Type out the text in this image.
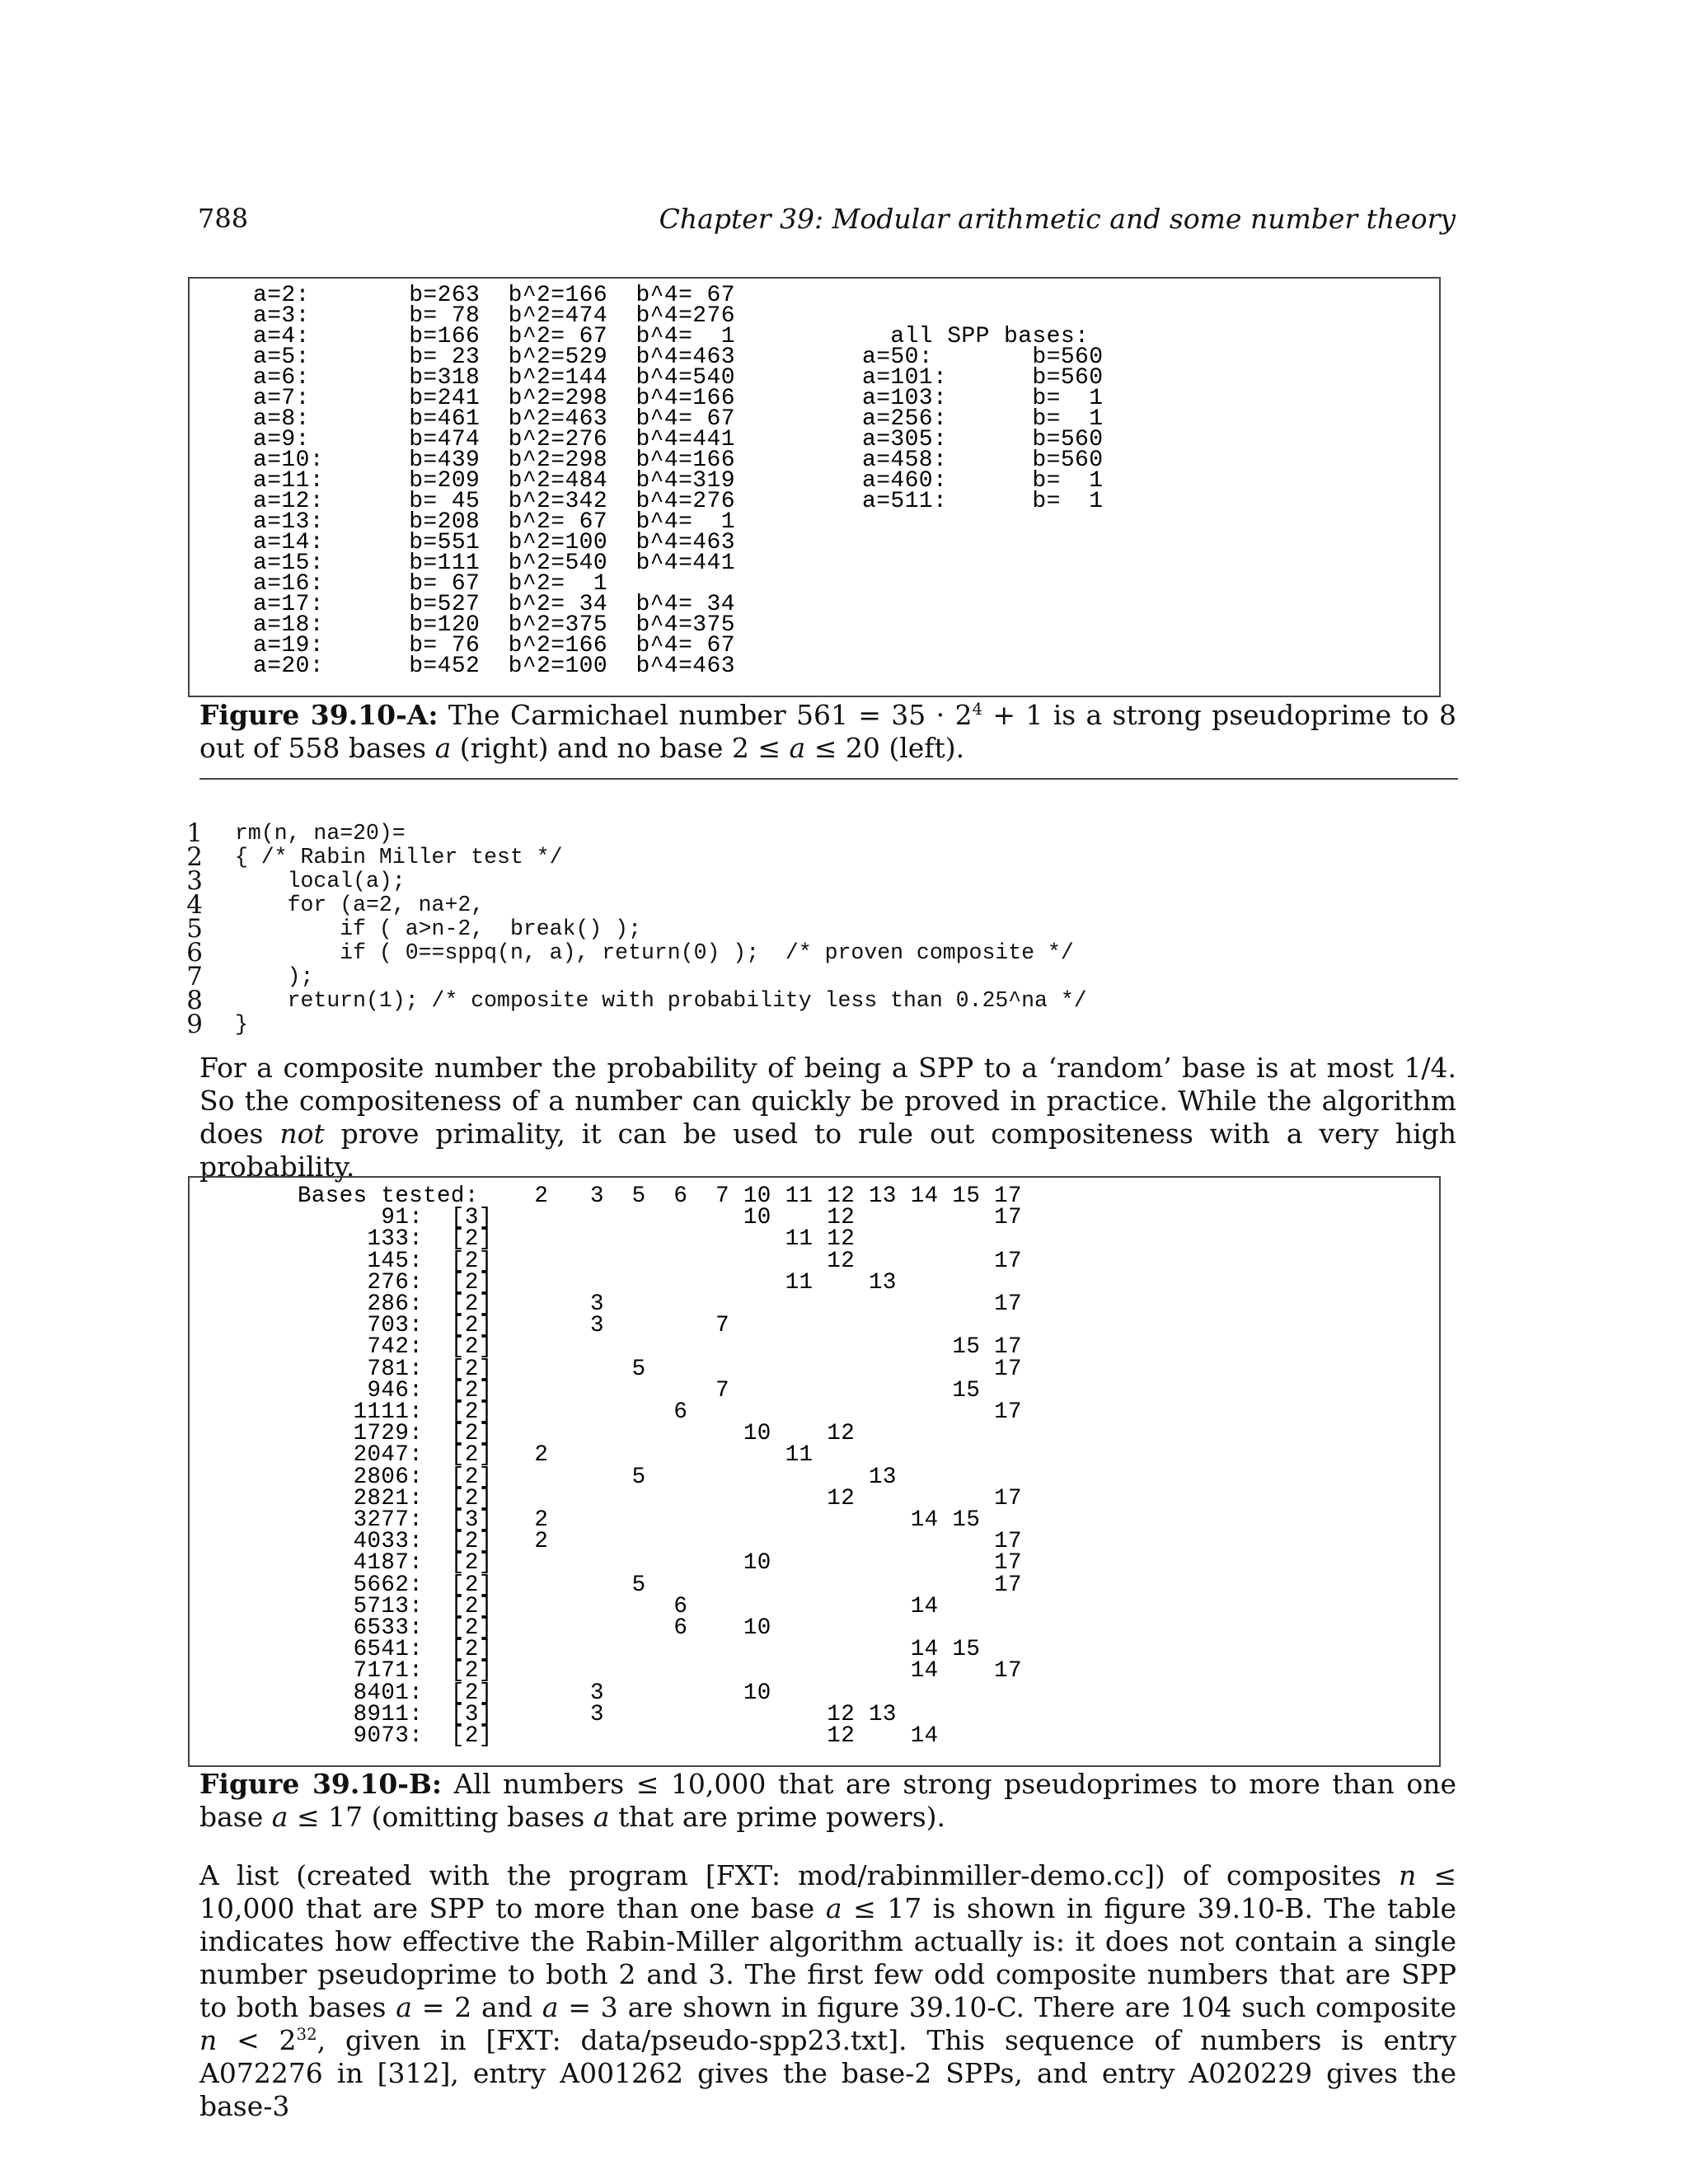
788	Chapter 39: Modular arithmetic and some number theory
a=2:       b=263  b^2=166  b^4= 67
a=3:       b= 78  b^2=474  b^4=276
a=4:       b=166  b^2= 67  b^4=  1
a=5:       b= 23  b^2=529  b^4=463
a=6:       b=318  b^2=144  b^4=540
a=7:       b=241  b^2=298  b^4=166
a=8:       b=461  b^2=463  b^4= 67
a=9:       b=474  b^2=276  b^4=441
a=10:      b=439  b^2=298  b^4=166
a=11:      b=209  b^2=484  b^4=319
a=12:      b= 45  b^2=342  b^4=276
a=13:      b=208  b^2= 67  b^4=  1
a=14:      b=551  b^2=100  b^4=463
a=15:      b=111  b^2=540  b^4=441
a=16:      b= 67  b^2=  1
a=17:      b=527  b^2= 34  b^4= 34
a=18:      b=120  b^2=375  b^4=375
a=19:      b= 76  b^2=166  b^4= 67
a=20:      b=452  b^2=100  b^4=463
all SPP bases:
a=50:       b=560
a=101:      b=560
a=103:      b=  1
a=256:      b=  1
a=305:      b=560
a=458:      b=560
a=460:      b=  1
a=511:      b=  1
Figure 39.10-A: The Carmichael number $561 = 35 \cdot 2^4 + 1$ is a strong pseudoprime to 8 out of 558 bases a (right) and no base 2 ≤ a ≤ 20 (left).
1
2
3
4
5
6
7
8
9
rm(n, na=20)=
{ /* Rabin Miller test */
local(a);
for (a=2, na+2,
if ( a>n-2,  break() );
if ( 0==sppq(n, a), return(0) );  /* proven composite */
);
return(1); /* composite with probability less than 0.25^na */
}
For a composite number the probability of being a SPP to a ‘random’ base is at most 1/4. So the compositeness of a number can quickly be proved in practice. While the algorithm does not prove primality, it can be used to rule out compositeness with a very high probability.
Bases tested:    2   3  5  6  7 10 11 12 13 14 15 17
91:  [3]                  10    12          17
133:  [2]                     11 12
145:  [2]                        12          17
276:  [2]                     11    13
286:  [2]       3                            17
703:  [2]       3        7
742:  [2]                                 15 17
781:  [2]          5                         17
946:  [2]                7                15
1111:  [2]             6                      17
1729:  [2]                  10    12
2047:  [2]   2                 11
2806:  [2]          5                13
2821:  [2]                        12          17
3277:  [3]   2                          14 15
4033:  [2]   2                                17
4187:  [2]                  10                17
5662:  [2]          5                         17
5713:  [2]             6                14
6533:  [2]             6    10
6541:  [2]                              14 15
7171:  [2]                              14    17
8401:  [2]       3          10
8911:  [3]       3                12 13
9073:  [2]                        12    14
Figure 39.10-B: All numbers ≤ 10,000 that are strong pseudoprimes to more than one base a ≤ 17 (omitting bases a that are prime powers).
A list (created with the program [FXT: mod/rabinmiller-demo.cc]) of composites n ≤ 10,000 that are SPP to more than one base a ≤ 17 is shown in figure 39.10-B. The table indicates how effective the Rabin-Miller algorithm actually is: it does not contain a single number pseudoprime to both 2 and 3. The first few odd composite numbers that are SPP to both bases a = 2 and a = 3 are shown in figure 39.10-C. There are 104 such composite $n < 2^{32}$, given in [FXT: data/pseudo-spp23.txt]. This sequence of numbers is entry A072276 in [312], entry A001262 gives the base-2 SPPs, and entry A020229 gives the base-3
